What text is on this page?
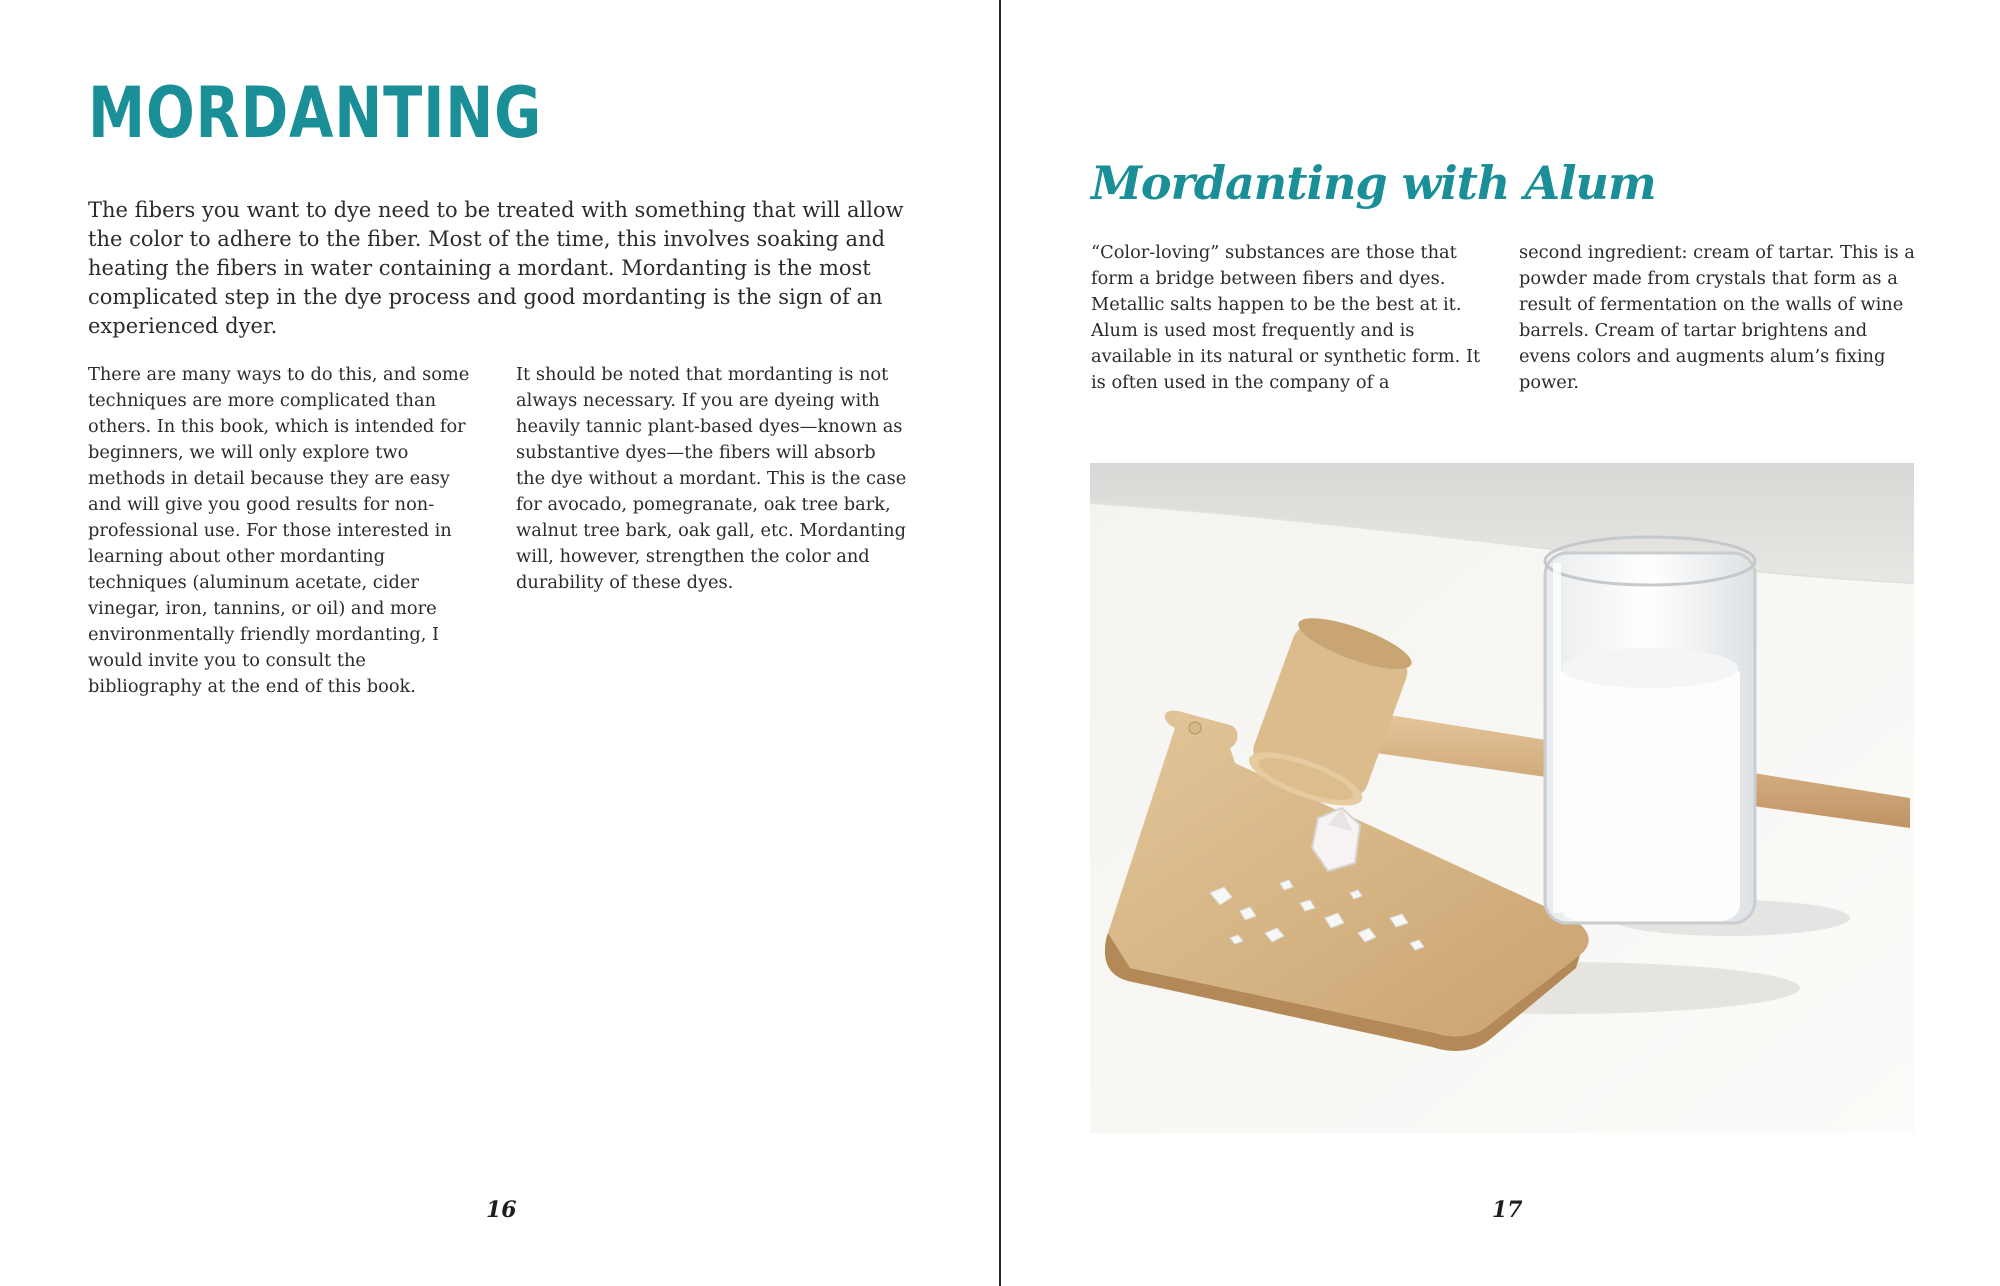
MORDANTING

The fibers you want to dye need to be treated with something that will allow the color to adhere to the fiber. Most of the time, this involves soaking and heating the fibers in water containing a mordant. Mordanting is the most complicated step in the dye process and good mordanting is the sign of an experienced dyer.

There are many ways to do this, and some techniques are more complicated than others. In this book, which is intended for beginners, we will only explore two methods in detail because they are easy and will give you good results for non-professional use. For those interested in learning about other mordanting techniques (aluminum acetate, cider vinegar, iron, tannins, or oil) and more environmentally friendly mordanting, I would invite you to consult the bibliography at the end of this book.

It should be noted that mordanting is not always necessary. If you are dyeing with heavily tannic plant-based dyes—known as substantive dyes—the fibers will absorb the dye without a mordant. This is the case for avocado, pomegranate, oak tree bark, walnut tree bark, oak gall, etc. Mordanting will, however, strengthen the color and durability of these dyes.

16
Mordanting with Alum

“Color-loving” substances are those that form a bridge between fibers and dyes. Metallic salts happen to be the best at it. Alum is used most frequently and is available in its natural or synthetic form. It is often used in the company of a

second ingredient: cream of tartar. This is a powder made from crystals that form as a result of fermentation on the walls of wine barrels. Cream of tartar brightens and evens colors and augments alum’s fixing power.

17
